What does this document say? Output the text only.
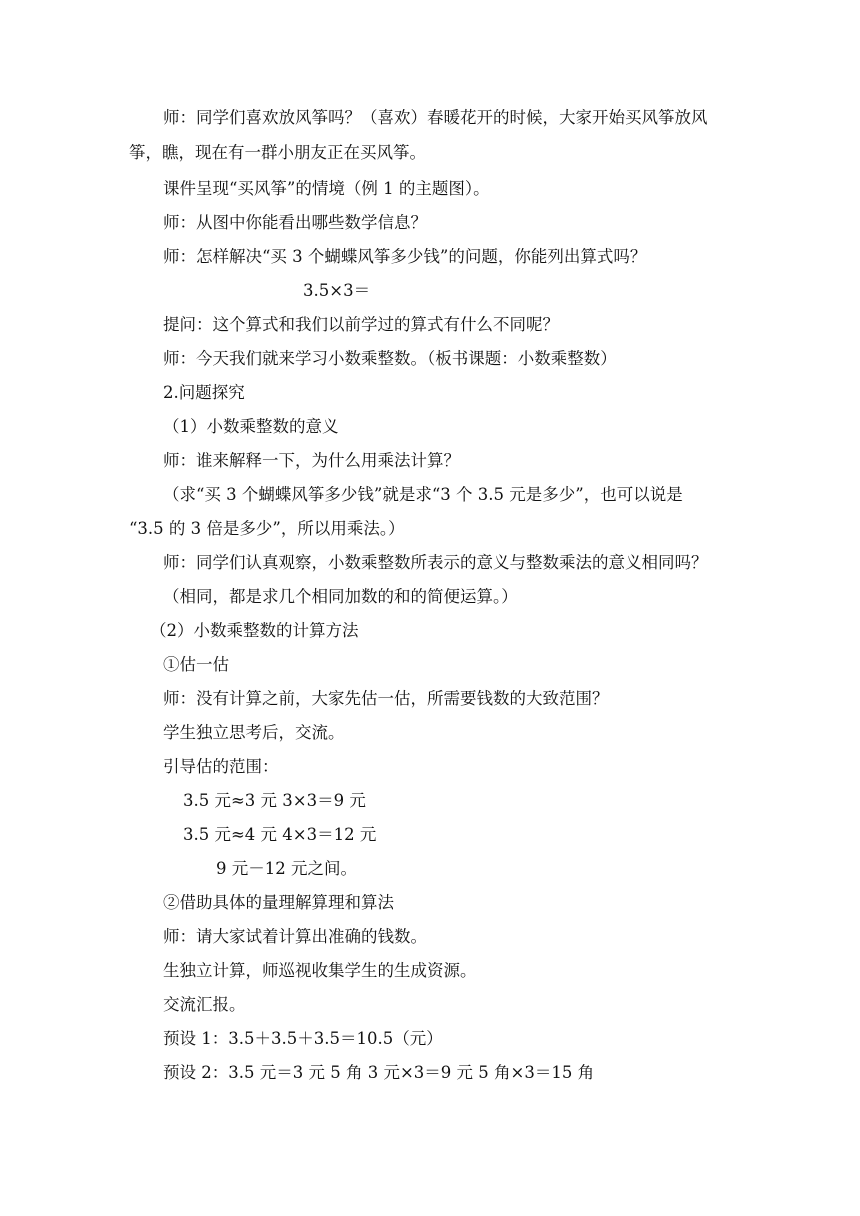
师：同学们喜欢放风筝吗？（喜欢）春暖花开的时候，大家开始买风筝放风
筝，瞧，现在有一群小朋友正在买风筝。
课件呈现“买风筝”的情境（例 1 的主题图）。
师：从图中你能看出哪些数学信息？
师：怎样解决“买 3 个蝴蝶风筝多少钱”的问题，你能列出算式吗？
3.5×3＝
提问：这个算式和我们以前学过的算式有什么不同呢？
师：今天我们就来学习小数乘整数。（板书课题：小数乘整数）
2.问题探究
（1）小数乘整数的意义
师：谁来解释一下，为什么用乘法计算？
（求“买 3 个蝴蝶风筝多少钱”就是求“3 个 3.5 元是多少”，也可以说是
“3.5 的 3 倍是多少”，所以用乘法。）
师：同学们认真观察，小数乘整数所表示的意义与整数乘法的意义相同吗？
（相同，都是求几个相同加数的和的简便运算。）
（2）小数乘整数的计算方法
①估一估
师：没有计算之前，大家先估一估，所需要钱数的大致范围？
学生独立思考后，交流。
引导估的范围：
3.5 元≈3 元 3×3＝9 元
3.5 元≈4 元 4×3＝12 元
9 元－12 元之间。
②借助具体的量理解算理和算法
师：请大家试着计算出准确的钱数。
生独立计算，师巡视收集学生的生成资源。
交流汇报。
预设 1：3.5＋3.5＋3.5＝10.5（元）
预设 2：3.5 元＝3 元 5 角 3 元×3＝9 元 5 角×3＝15 角
